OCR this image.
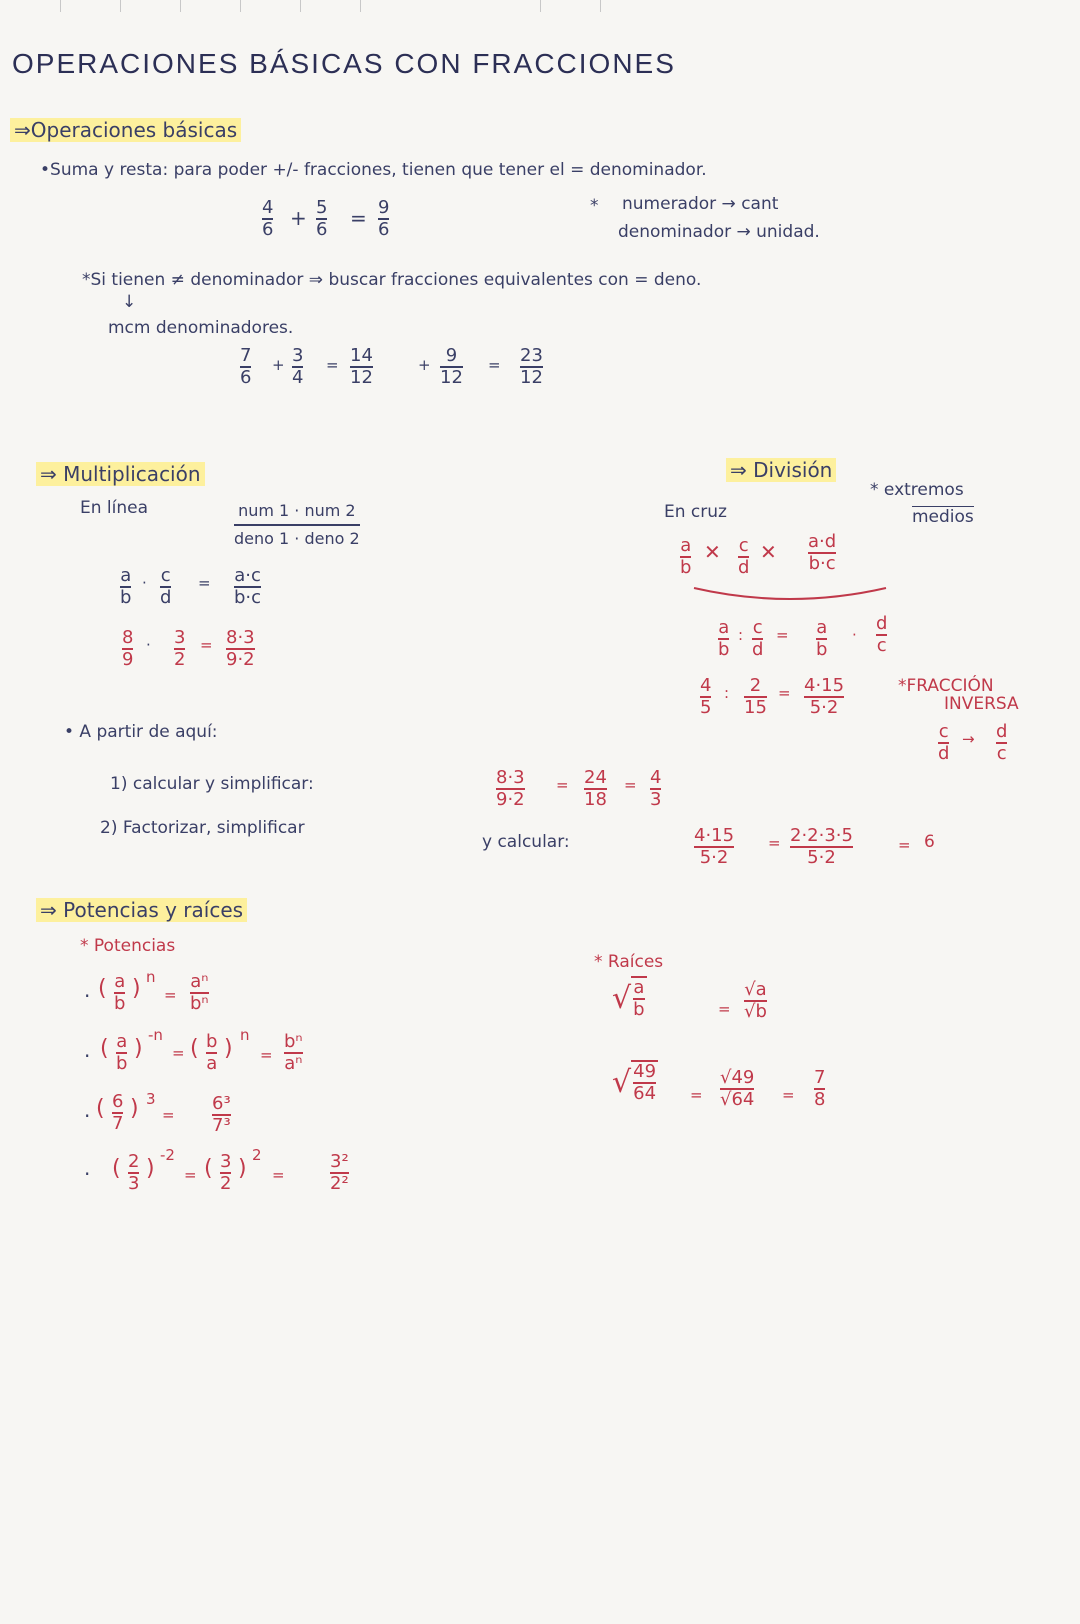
OPERACIONES BÁSICAS CON FRACCIONES
⇒Operaciones básicas
•Suma y resta: para poder +/- fracciones, tienen que tener el = denominador.
4
6 + 5
6 = 9
6
* numerador → cant
denominador → unidad.
*Si tienen ≠ denominador ⇒ buscar fracciones equivalentes con = deno.
↓
mcm denominadores.
7
6
+ 3
4
= 14
12
+ 9
12
= 23
12
⇒ Multiplicación
En línea	num 1 · num 2
deno 1 · deno 2
a
b
· c
d
= a·c
b·c
8
9
· 3
2
= 8·3
9·2
• A partir de aquí:
1) calcular y simplificar:	8·3
9·2
= 24
18
= 4
3
2) Factorizar, simplificar
y calcular:	4·15
5·2
= 2·2·3·5
5·2
= 6
⇒ División
En cruz
* extremos
medios
a
b
✕ c
d
✕ a·d
b·c
a
b
: c
d
= a
b
·
d
c
4
5
: 2
15
= 4·15
5·2
*FRACCIÓN
INVERSA
c
d
→ d
c
⇒ Potencias y raíces
* Potencias
· ( a
b
) n
=
aⁿ
bⁿ
· ( a
b
)
-n
= ( b
a
)
n
=
bⁿ
aⁿ
· ( 6
7
) 3
=
6³
7³
· ( 2
3
)
-2
= ( 3
2
)
2
=
3²
2²
* Raíces
√ $\frac{a}{b}$	=
√a
√b
√ $\frac{49}{64}$ =
√49
√64 =
7
8
